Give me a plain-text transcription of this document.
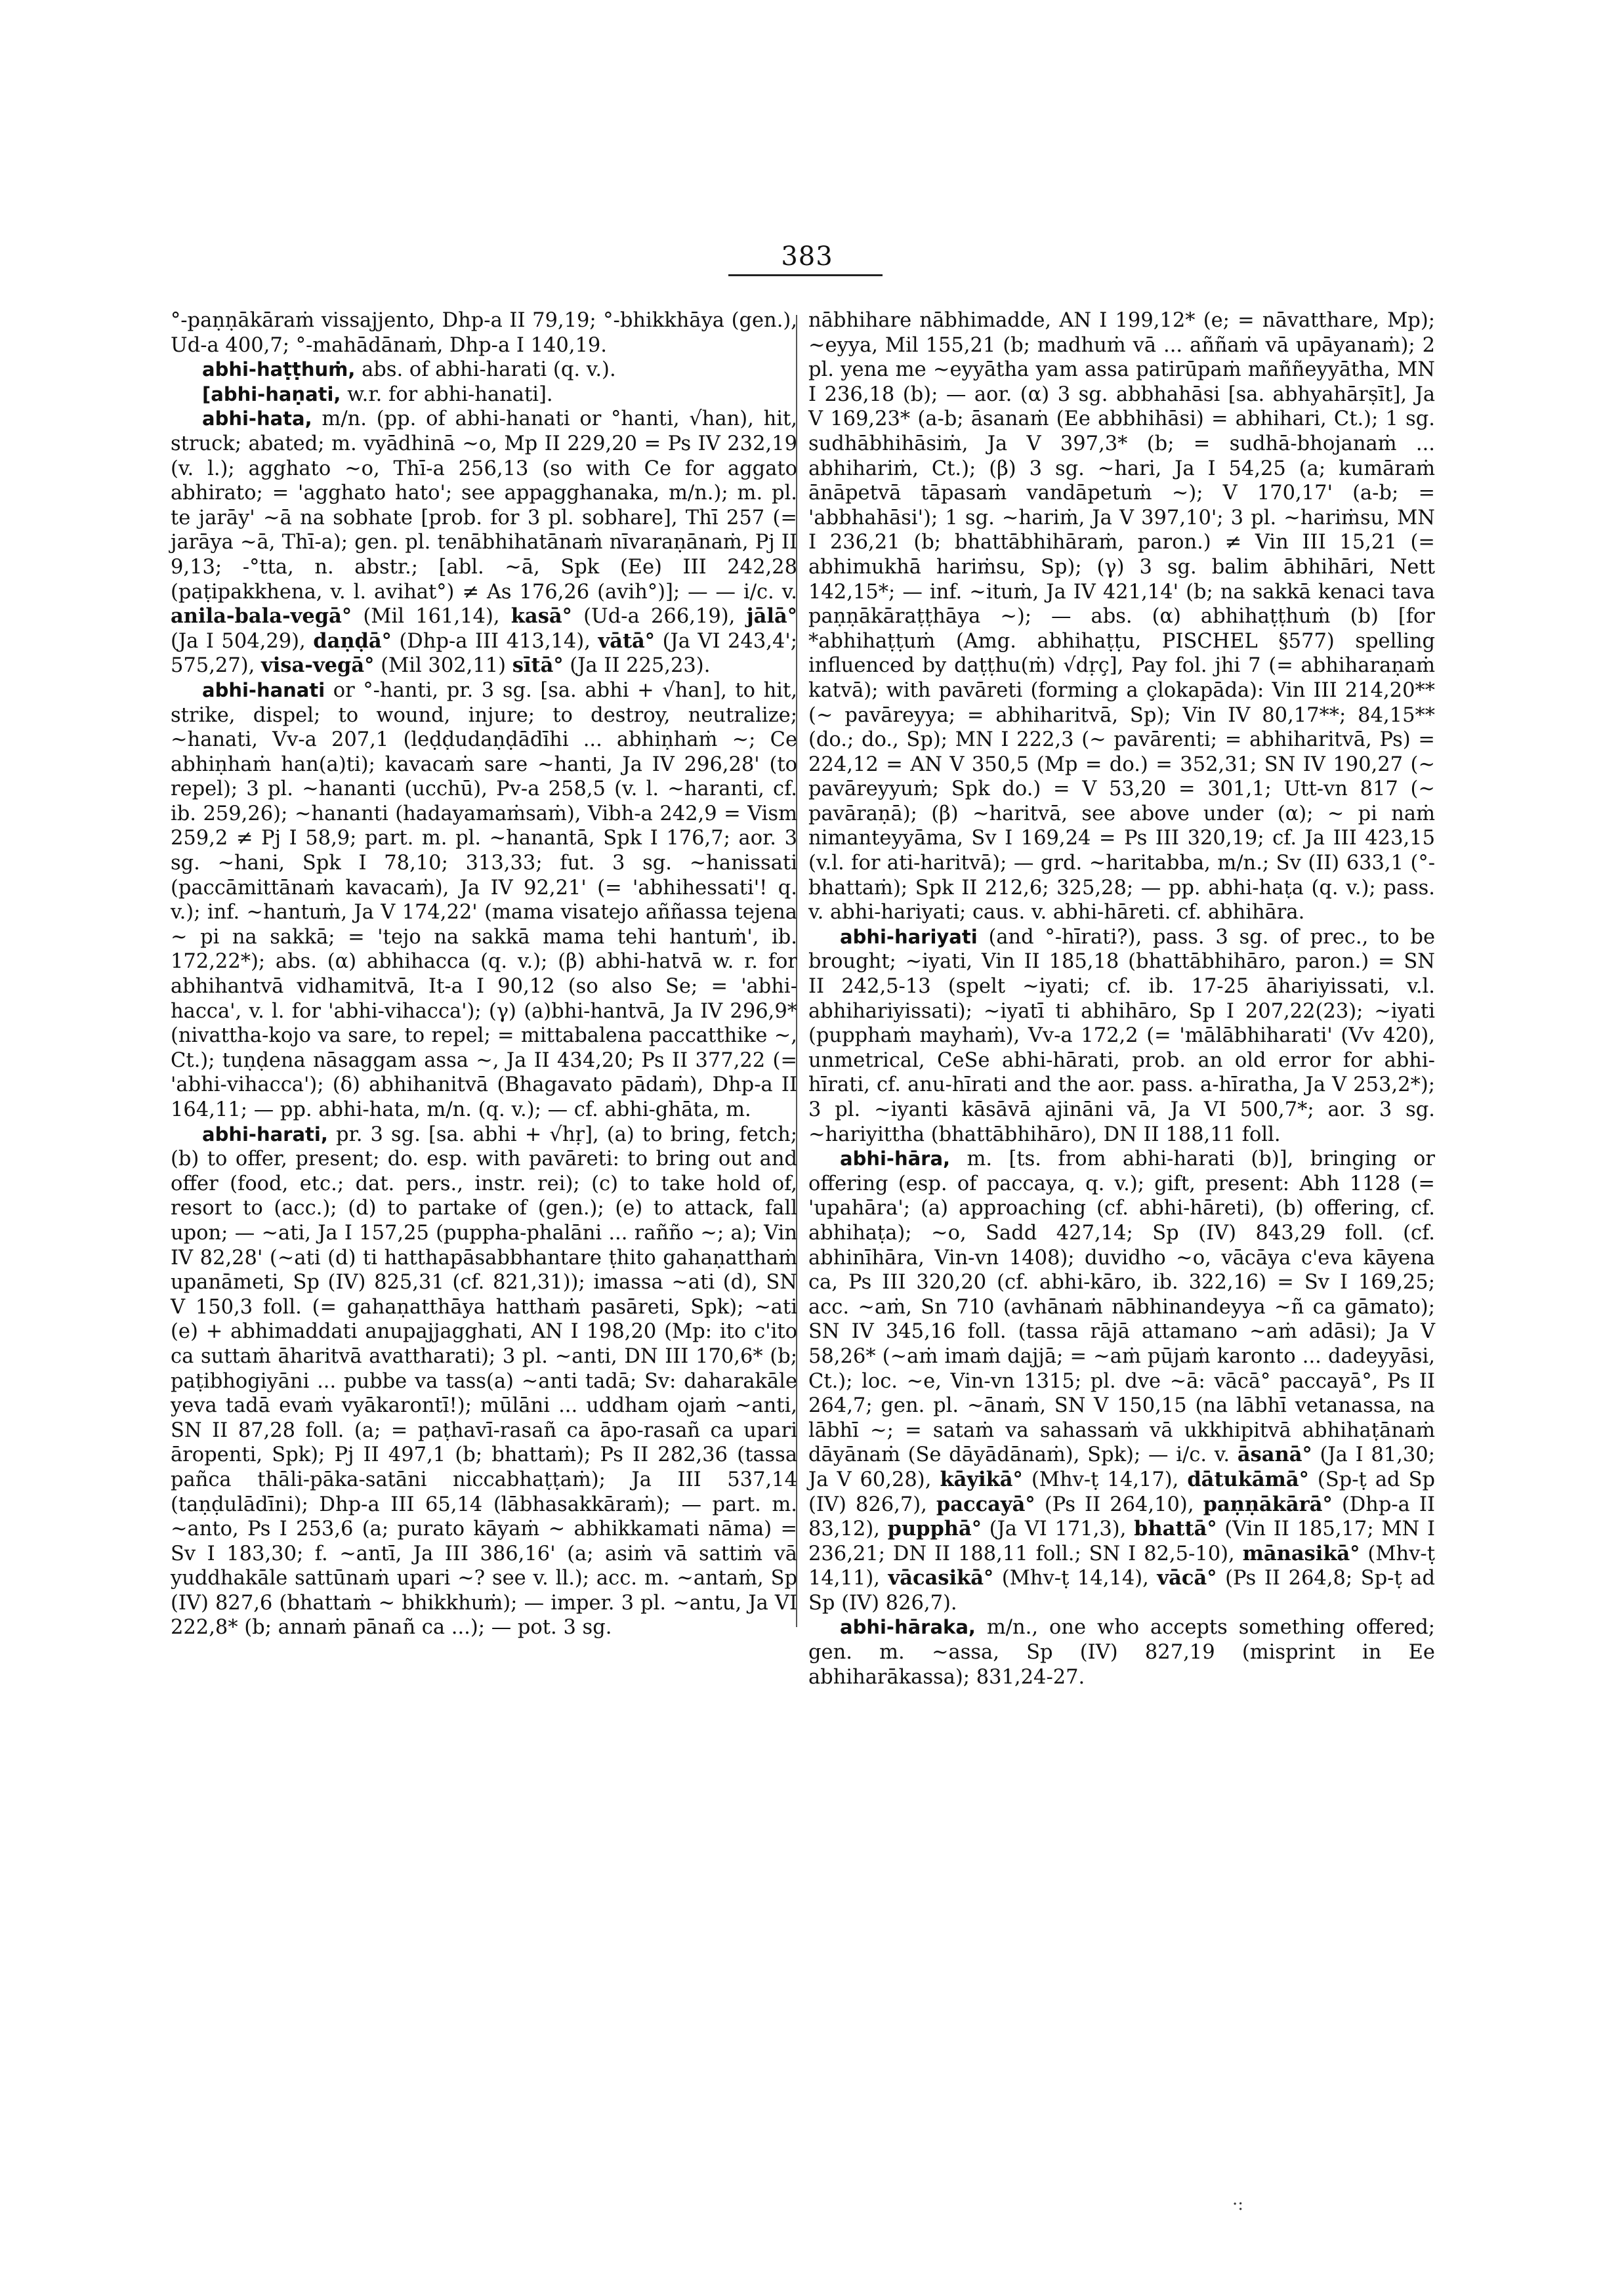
383

°-paṇṇākāraṁ vissajjento, Dhp-a II 79,19; °-bhikkhāya (gen.), Ud-a 400,7; °-mahādānaṁ, Dhp-a I 140,19.

abhi-haṭṭhuṁ, abs. of abhi-harati (q. v.).

[abhi-haṇati, w.r. for abhi-hanati].

abhi-hata, m/n. (pp. of abhi-hanati or °hanti, √han), hit, struck; abated; m. vyādhinā ~o, Mp II 229,20 = Ps IV 232,19 (v. l.); agghato ~o, Thī-a 256,13 (so with Ce for aggato abhirato; = 'agghato hato'; see appagghanaka, m/n.); m. pl. te jarāy' ~ā na sobhate [prob. for 3 pl. sobhare], Thī 257 (= jarāya ~ā, Thī-a); gen. pl. tenābhihatānaṁ nīvaraṇānaṁ, Pj II 9,13; -°tta, n. abstr.; [abl. ~ā, Spk (Ee) III 242,28 (paṭipakkhena, v. l. avihat°) ≠ As 176,26 (avih°)]; — — i/c. v. anila-bala-vegā° (Mil 161,14), kasā° (Ud-a 266,19), jālā° (Ja I 504,29), daṇḍā° (Dhp-a III 413,14), vātā° (Ja VI 243,4'; 575,27), visa-vegā° (Mil 302,11) sītā° (Ja II 225,23).

abhi-hanati or °-hanti, pr. 3 sg. [sa. abhi + √han], to hit, strike, dispel; to wound, injure; to destroy, neutralize; ~hanati, Vv-a 207,1 (leḍḍudaṇḍādīhi ... abhiṇhaṁ ~; Ce abhiṇhaṁ han(a)ti); kavacaṁ sare ~hanti, Ja IV 296,28' (to repel); 3 pl. ~hananti (ucchū), Pv-a 258,5 (v. l. ~haranti, cf. ib. 259,26); ~hananti (hadayamaṁsaṁ), Vibh-a 242,9 = Vism 259,2 ≠ Pj I 58,9; part. m. pl. ~hanantā, Spk I 176,7; aor. 3 sg. ~hani, Spk I 78,10; 313,33; fut. 3 sg. ~hanissati (paccāmittānaṁ kavacaṁ), Ja IV 92,21' (= 'abhihessati'! q. v.); inf. ~hantuṁ, Ja V 174,22' (mama visatejo aññassa tejena ~ pi na sakkā; = 'tejo na sakkā mama tehi hantuṁ', ib. 172,22*); abs. (α) abhihacca (q. v.); (β) abhi-hatvā w. r. for abhihantvā vidhamitvā, It-a I 90,12 (so also Se; = 'abhi-hacca', v. l. for 'abhi-vihacca'); (γ) (a)bhi-hantvā, Ja IV 296,9* (nivattha-kojo va sare, to repel; = mittabalena paccatthike ~, Ct.); tuṇḍena nāsaggam assa ~, Ja II 434,20; Ps II 377,22 (= 'abhi-vihacca'); (δ) abhihanitvā (Bhagavato pādaṁ), Dhp-a II 164,11; — pp. abhi-hata, m/n. (q. v.); — cf. abhi-ghāta, m.

abhi-harati, pr. 3 sg. [sa. abhi + √hṛ], (a) to bring, fetch; (b) to offer, present; do. esp. with pavāreti: to bring out and offer (food, etc.; dat. pers., instr. rei); (c) to take hold of, resort to (acc.); (d) to partake of (gen.); (e) to attack, fall upon; — ~ati, Ja I 157,25 (puppha-phalāni ... rañño ~; a); Vin IV 82,28' (~ati (d) ti hatthapāsabbhantare ṭhito gahaṇatthaṁ upanāmeti, Sp (IV) 825,31 (cf. 821,31)); imassa ~ati (d), SN V 150,3 foll. (= gahaṇatthāya hatthaṁ pasāreti, Spk); ~ati (e) + abhimaddati anupajjagghati, AN I 198,20 (Mp: ito c'ito ca suttaṁ āharitvā avattharati); 3 pl. ~anti, DN III 170,6* (b; paṭibhogiyāni ... pubbe va tass(a) ~anti tadā; Sv: daharakāle yeva tadā evaṁ vyākarontī!); mūlāni ... uddham ojaṁ ~anti, SN II 87,28 foll. (a; = paṭhavī-rasañ ca āpo-rasañ ca upari āropenti, Spk); Pj II 497,1 (b; bhattaṁ); Ps II 282,36 (tassa pañca thāli-pāka-satāni niccabhaṭṭaṁ); Ja III 537,14 (taṇḍulādīni); Dhp-a III 65,14 (lābhasakkāraṁ); — part. m. ~anto, Ps I 253,6 (a; purato kāyaṁ ~ abhikkamati nāma) = Sv I 183,30; f. ~antī, Ja III 386,16' (a; asiṁ vā sattiṁ vā yuddhakāle sattūnaṁ upari ~? see v. ll.); acc. m. ~antaṁ, Sp (IV) 827,6 (bhattaṁ ~ bhikkhuṁ); — imper. 3 pl. ~antu, Ja VI 222,8* (b; annaṁ pānañ ca ...); — pot. 3 sg.

nābhihare nābhimadde, AN I 199,12* (e; = nāvatthare, Mp); ~eyya, Mil 155,21 (b; madhuṁ vā ... aññaṁ vā upāyanaṁ); 2 pl. yena me ~eyyātha yam assa patirūpaṁ maññeyyātha, MN I 236,18 (b); — aor. (α) 3 sg. abbhahāsi [sa. abhyahārṣīt], Ja V 169,23* (a-b; āsanaṁ (Ee abbhihāsi) = abhihari, Ct.); 1 sg. sudhābhihāsiṁ, Ja V 397,3* (b; = sudhā-bhojanaṁ ... abhihariṁ, Ct.); (β) 3 sg. ~hari, Ja I 54,25 (a; kumāraṁ ānāpetvā tāpasaṁ vandāpetuṁ ~); V 170,17' (a-b; = 'abbhahāsi'); 1 sg. ~hariṁ, Ja V 397,10'; 3 pl. ~hariṁsu, MN I 236,21 (b; bhattābhihāraṁ, paron.) ≠ Vin III 15,21 (= abhimukhā hariṁsu, Sp); (γ) 3 sg. balim ābhihāri, Nett 142,15*; — inf. ~ituṁ, Ja IV 421,14' (b; na sakkā kenaci tava paṇṇākāraṭṭhāya ~); — abs. (α) abhihaṭṭhuṁ (b) [for *abhihaṭṭuṁ (Amg. abhihaṭṭu, PISCHEL §577) spelling influenced by daṭṭhu(ṁ) √dṛç], Pay fol. jhi 7 (= abhiharaṇaṁ katvā); with pavāreti (forming a çlokapāda): Vin III 214,20** (~ pavāreyya; = abhiharitvā, Sp); Vin IV 80,17**; 84,15** (do.; do., Sp); MN I 222,3 (~ pavārenti; = abhiharitvā, Ps) = 224,12 = AN V 350,5 (Mp = do.) = 352,31; SN IV 190,27 (~ pavāreyyuṁ; Spk do.) = V 53,20 = 301,1; Utt-vn 817 (~ pavāraṇā); (β) ~haritvā, see above under (α); ~ pi naṁ nimanteyyāma, Sv I 169,24 = Ps III 320,19; cf. Ja III 423,15 (v.l. for ati-haritvā); — grd. ~haritabba, m/n.; Sv (II) 633,1 (°-bhattaṁ); Spk II 212,6; 325,28; — pp. abhi-haṭa (q. v.); pass. v. abhi-hariyati; caus. v. abhi-hāreti. cf. abhihāra.

abhi-hariyati (and °-hīrati?), pass. 3 sg. of prec., to be brought; ~iyati, Vin II 185,18 (bhattābhihāro, paron.) = SN II 242,5-13 (spelt ~iyati; cf. ib. 17-25 āhariyissati, v.l. abhihariyissati); ~iyatī ti abhihāro, Sp I 207,22(23); ~iyati (pupphaṁ mayhaṁ), Vv-a 172,2 (= 'mālābhiharati' (Vv 420), unmetrical, CeSe abhi-hārati, prob. an old error for abhi-hīrati, cf. anu-hīrati and the aor. pass. a-hīratha, Ja V 253,2*); 3 pl. ~iyanti kāsāvā ajināni vā, Ja VI 500,7*; aor. 3 sg. ~hariyittha (bhattābhihāro), DN II 188,11 foll.

abhi-hāra, m. [ts. from abhi-harati (b)], bringing or offering (esp. of paccaya, q. v.); gift, present: Abh 1128 (= 'upahāra'; (a) approaching (cf. abhi-hāreti), (b) offering, cf. abhihaṭa); ~o, Sadd 427,14; Sp (IV) 843,29 foll. (cf. abhinīhāra, Vin-vn 1408); duvidho ~o, vācāya c'eva kāyena ca, Ps III 320,20 (cf. abhi-kāro, ib. 322,16) = Sv I 169,25; acc. ~aṁ, Sn 710 (avhānaṁ nābhinandeyya ~ñ ca gāmato); SN IV 345,16 foll. (tassa rājā attamano ~aṁ adāsi); Ja V 58,26* (~aṁ imaṁ dajjā; = ~aṁ pūjaṁ karonto ... dadeyyāsi, Ct.); loc. ~e, Vin-vn 1315; pl. dve ~ā: vācā° paccayā°, Ps II 264,7; gen. pl. ~ānaṁ, SN V 150,15 (na lābhī vetanassa, na lābhī ~; = sataṁ va sahassaṁ vā ukkhipitvā abhihaṭānaṁ dāyānaṁ (Se dāyādānaṁ), Spk); — i/c. v. āsanā° (Ja I 81,30; Ja V 60,28), kāyikā° (Mhv-ṭ 14,17), dātukāmā° (Sp-ṭ ad Sp (IV) 826,7), paccayā° (Ps II 264,10), paṇṇākārā° (Dhp-a II 83,12), pupphā° (Ja VI 171,3), bhattā° (Vin II 185,17; MN I 236,21; DN II 188,11 foll.; SN I 82,5-10), mānasikā° (Mhv-ṭ 14,11), vācasikā° (Mhv-ṭ 14,14), vācā° (Ps II 264,8; Sp-ṭ ad Sp (IV) 826,7).

abhi-hāraka, m/n., one who accepts something offered; gen. m. ~assa, Sp (IV) 827,19 (misprint in Ee abhiharākassa); 831,24-27.

·:
